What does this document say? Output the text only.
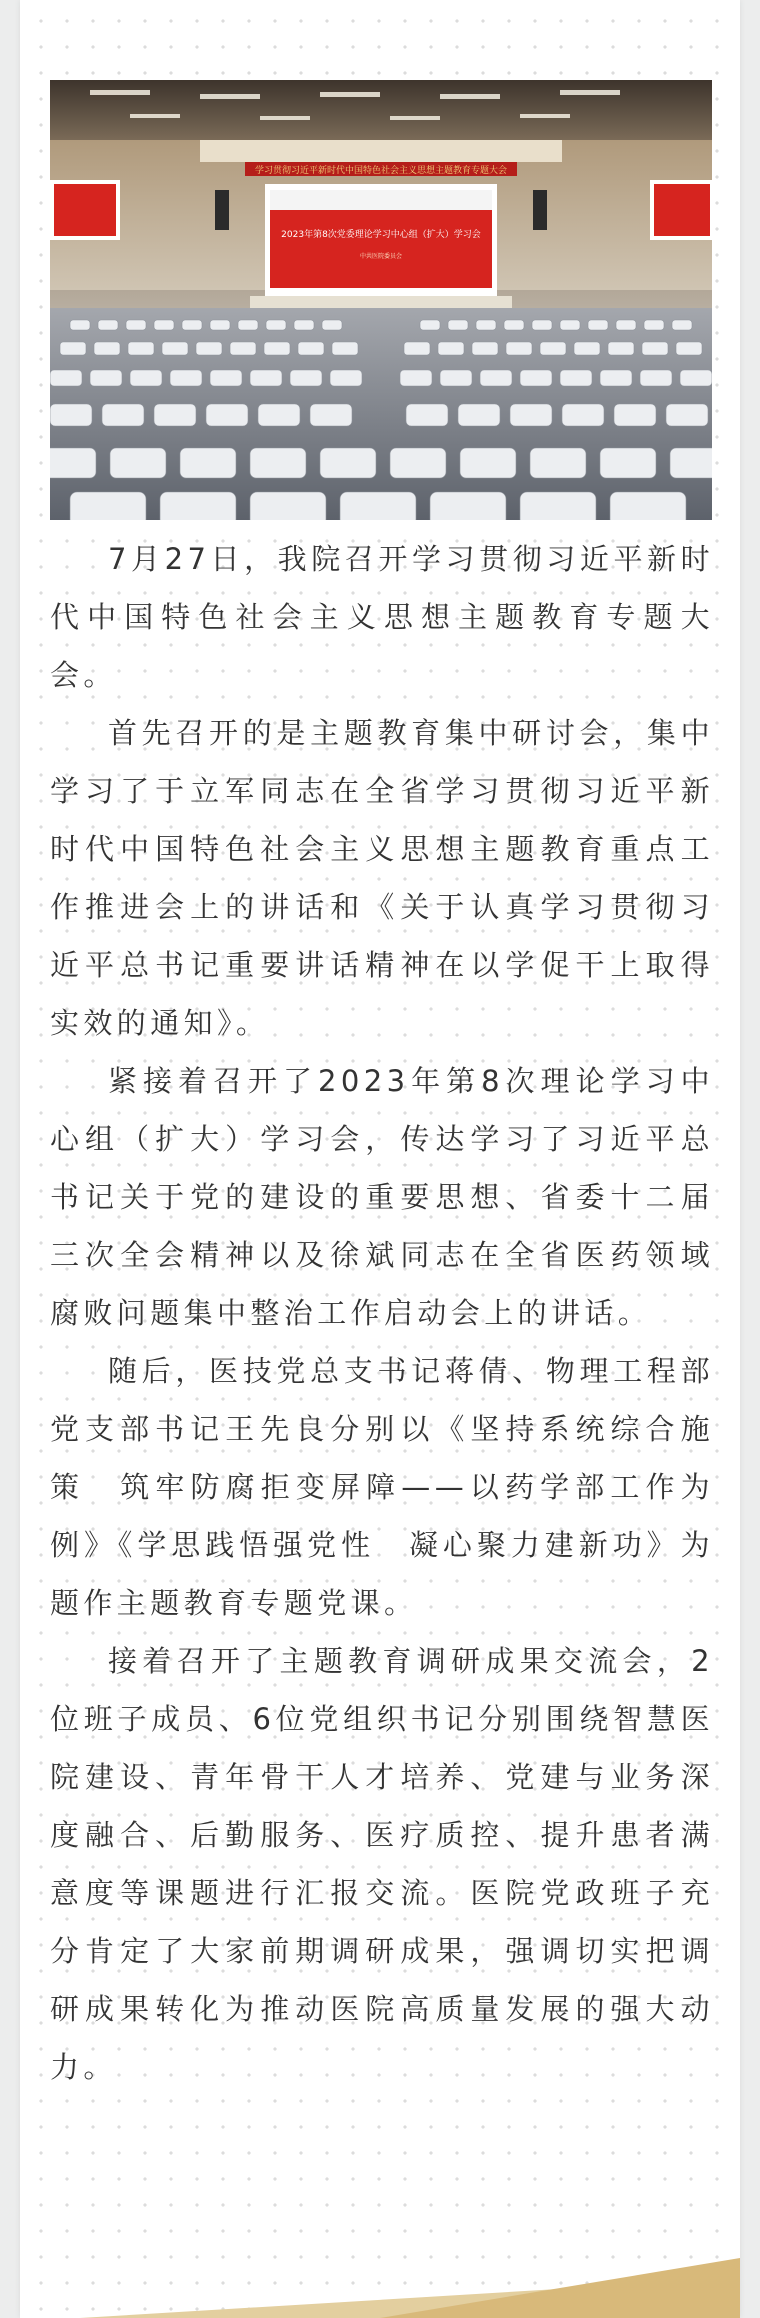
学习贯彻习近平新时代中国特色社会主义思想主题教育专题大会
2023年第8次党委理论学习中心组（扩大）学习会
中共医院委员会

7月27日，我院召开学习贯彻习近平新时代中国特色社会主义思想主题教育专题大会。

首先召开的是主题教育集中研讨会，集中学习了于立军同志在全省学习贯彻习近平新时代中国特色社会主义思想主题教育重点工作推进会上的讲话和《关于认真学习贯彻习近平总书记重要讲话精神在以学促干上取得实效的通知》。

紧接着召开了2023年第8次理论学习中心组（扩大）学习会，传达学习了习近平总书记关于党的建设的重要思想、省委十二届三次全会精神以及徐斌同志在全省医药领域腐败问题集中整治工作启动会上的讲话。

随后，医技党总支书记蒋倩、物理工程部党支部书记王先良分别以《坚持系统综合施策　筑牢防腐拒变屏障——以药学部工作为例》《学思践悟强党性　凝心聚力建新功》为题作主题教育专题党课。

接着召开了主题教育调研成果交流会，2位班子成员、6位党组织书记分别围绕智慧医院建设、青年骨干人才培养、党建与业务深度融合、后勤服务、医疗质控、提升患者满意度等课题进行汇报交流。医院党政班子充分肯定了大家前期调研成果，强调切实把调研成果转化为推动医院高质量发展的强大动力。
